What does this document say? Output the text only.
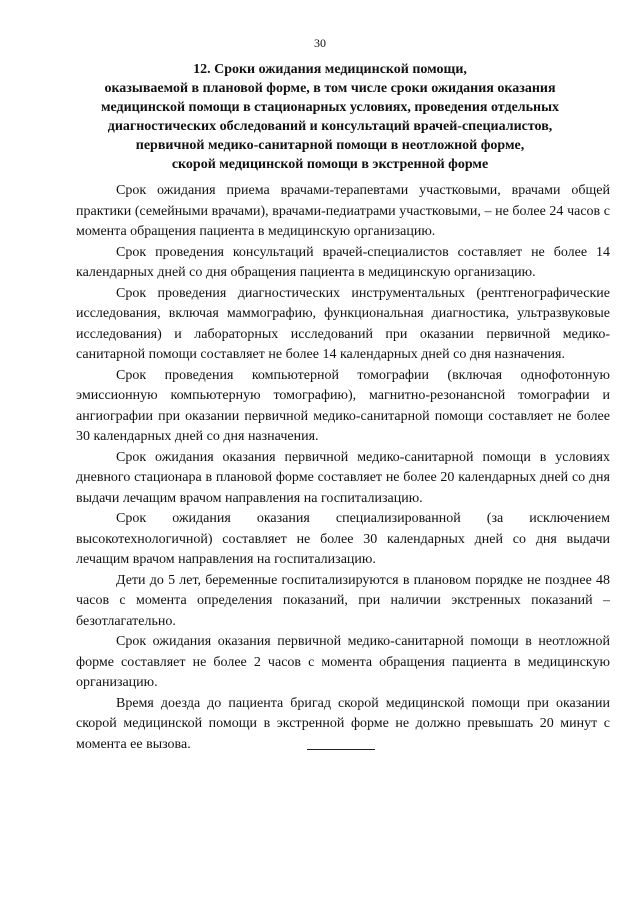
30
12. Сроки ожидания медицинской помощи,
оказываемой в плановой форме, в том числе сроки ожидания оказания
медицинской помощи в стационарных условиях, проведения отдельных
диагностических обследований и консультаций врачей-специалистов,
первичной медико-санитарной помощи в неотложной форме,
скорой медицинской помощи в экстренной форме

Срок ожидания приема врачами-терапевтами участковыми, врачами общей практики (семейными врачами), врачами-педиатрами участковыми, – не более 24 часов с момента обращения пациента в медицинскую организацию.

Срок проведения консультаций врачей-специалистов составляет не более 14 календарных дней со дня обращения пациента в медицинскую организацию.

Срок проведения диагностических инструментальных (рентгенографические исследования, включая маммографию, функциональная диагностика, ультразвуковые исследования) и лабораторных исследований при оказании первичной медико-санитарной помощи составляет не более 14 календарных дней со дня назначения.

Срок проведения компьютерной томографии (включая однофотонную эмиссионную компьютерную томографию), магнитно-резонансной томографии и ангиографии при оказании первичной медико-санитарной помощи составляет не более 30 календарных дней со дня назначения.

Срок ожидания оказания первичной медико-санитарной помощи в условиях дневного стационара в плановой форме составляет не более 20 календарных дней со дня выдачи лечащим врачом направления на госпитализацию.

Срок ожидания оказания специализированной (за исключением высокотехнологичной) составляет не более 30 календарных дней со дня выдачи лечащим врачом направления на госпитализацию.

Дети до 5 лет, беременные госпитализируются в плановом порядке не позднее 48 часов с момента определения показаний, при наличии экстренных показаний – безотлагательно.

Срок ожидания оказания первичной медико-санитарной помощи в неотложной форме составляет не более 2 часов с момента обращения пациента в медицинскую организацию.

Время доезда до пациента бригад скорой медицинской помощи при оказании скорой медицинской помощи в экстренной форме не должно превышать 20 минут с момента ее вызова.
